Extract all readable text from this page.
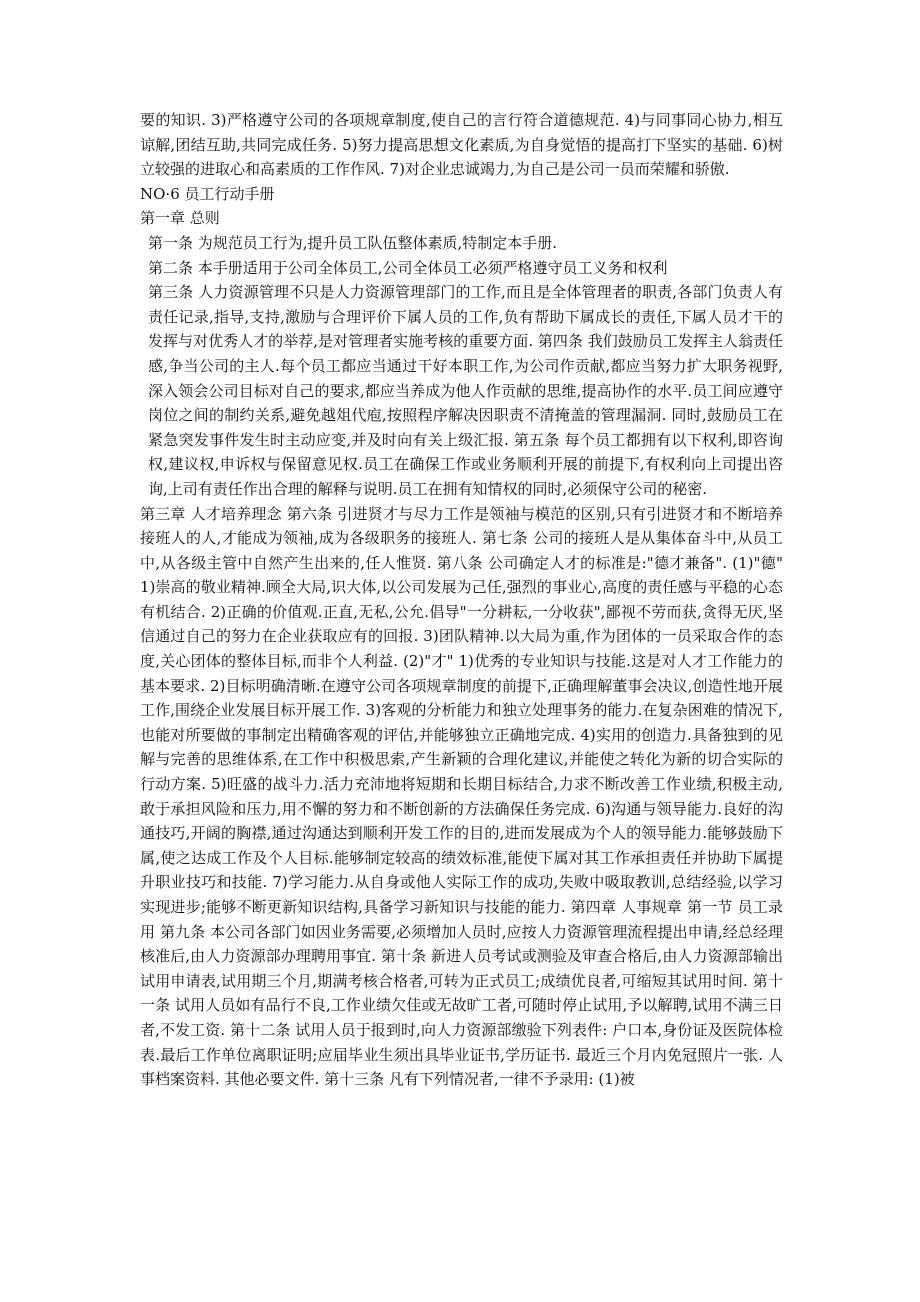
要的知识. 3)严格遵守公司的各项规章制度,使自己的言行符合道德规范. 4)与同事同心协力,相互谅解,团结互助,共同完成任务. 5)努力提高思想文化素质,为自身觉悟的提高打下坚实的基础. 6)树立较强的进取心和高素质的工作作风. 7)对企业忠诚竭力,为自己是公司一员而荣耀和骄傲.

NO·6 员工行动手册

第一章 总则

第一条 为规范员工行为,提升员工队伍整体素质,特制定本手册.

第二条 本手册适用于公司全体员工,公司全体员工必须严格遵守员工义务和权利

第三条 人力资源管理不只是人力资源管理部门的工作,而且是全体管理者的职责,各部门负责人有责任记录,指导,支持,激励与合理评价下属人员的工作,负有帮助下属成长的责任,下属人员才干的发挥与对优秀人才的举荐,是对管理者实施考核的重要方面. 第四条 我们鼓励员工发挥主人翁责任感,争当公司的主人.每个员工都应当通过干好本职工作,为公司作贡献,都应当努力扩大职务视野,深入领会公司目标对自己的要求,都应当养成为他人作贡献的思维,提高协作的水平.员工间应遵守岗位之间的制约关系,避免越俎代庖,按照程序解决因职责不清掩盖的管理漏洞. 同时,鼓励员工在紧急突发事件发生时主动应变,并及时向有关上级汇报. 第五条 每个员工都拥有以下权利,即咨询权,建议权,申诉权与保留意见权.员工在确保工作或业务顺利开展的前提下,有权利向上司提出咨询,上司有责任作出合理的解释与说明.员工在拥有知情权的同时,必须保守公司的秘密.

第三章 人才培养理念 第六条 引进贤才与尽力工作是领袖与模范的区别,只有引进贤才和不断培养接班人的人,才能成为领袖,成为各级职务的接班人. 第七条 公司的接班人是从集体奋斗中,从员工中,从各级主管中自然产生出来的,任人惟贤. 第八条 公司确定人才的标准是:"德才兼备". (1)"德" 1)崇高的敬业精神.顾全大局,识大体,以公司发展为己任,强烈的事业心,高度的责任感与平稳的心态有机结合. 2)正确的价值观.正直,无私,公允.倡导"一分耕耘,一分收获",鄙视不劳而获,贪得无厌,坚信通过自己的努力在企业获取应有的回报. 3)团队精神.以大局为重,作为团体的一员采取合作的态度,关心团体的整体目标,而非个人利益. (2)"才" 1)优秀的专业知识与技能.这是对人才工作能力的基本要求. 2)目标明确清晰.在遵守公司各项规章制度的前提下,正确理解董事会决议,创造性地开展工作,围绕企业发展目标开展工作. 3)客观的分析能力和独立处理事务的能力.在复杂困难的情况下,也能对所要做的事制定出精确客观的评估,并能够独立正确地完成. 4)实用的创造力.具备独到的见解与完善的思维体系,在工作中积极思索,产生新颖的合理化建议,并能使之转化为新的切合实际的行动方案. 5)旺盛的战斗力.活力充沛地将短期和长期目标结合,力求不断改善工作业绩,积极主动,敢于承担风险和压力,用不懈的努力和不断创新的方法确保任务完成. 6)沟通与领导能力.良好的沟通技巧,开阔的胸襟,通过沟通达到顺利开发工作的目的,进而发展成为个人的领导能力.能够鼓励下属,使之达成工作及个人目标.能够制定较高的绩效标准,能使下属对其工作承担责任并协助下属提升职业技巧和技能. 7)学习能力.从自身或他人实际工作的成功,失败中吸取教训,总结经验,以学习实现进步;能够不断更新知识结构,具备学习新知识与技能的能力. 第四章 人事规章 第一节 员工录用 第九条 本公司各部门如因业务需要,必须增加人员时,应按人力资源管理流程提出申请,经总经理核准后,由人力资源部办理聘用事宜. 第十条 新进人员考试或测验及审查合格后,由人力资源部输出试用申请表,试用期三个月,期满考核合格者,可转为正式员工;成绩优良者,可缩短其试用时间. 第十一条 试用人员如有品行不良,工作业绩欠佳或无故旷工者,可随时停止试用,予以解聘,试用不满三日者,不发工资. 第十二条 试用人员于报到时,向人力资源部缴验下列表件: 户口本,身份证及医院体检表.最后工作单位离职证明;应届毕业生须出具毕业证书,学历证书. 最近三个月内免冠照片一张. 人事档案资料. 其他必要文件. 第十三条 凡有下列情况者,一律不予录用: (1)被
